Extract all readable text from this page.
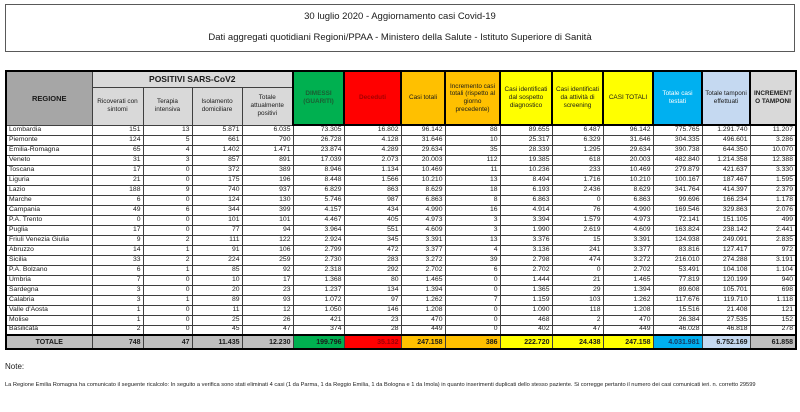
30 luglio 2020 - Aggiornamento casi Covid-19
Dati aggregati quotidiani Regioni/PPAA - Ministero della Salute - Istituto Superiore di Sanità
REGIONE	POSITIVI SARS-CoV2				DIMESSI (GUARITI)	Deceduti	Casi totali	Incremento casi totali (rispetto al giorno precedente)	Casi identificati dal sospetto diagnostico	Casi identificati da attività di screening	CASI TOTALI	Totale casi testati	Totale tamponi effettuati	INCREMENTO TAMPONI
	Ricoverati con sintomi	Terapia intensiva	Isolamento domiciliare	Totale attualmente positivi										
Lombardia	151	13	5.871	6.035	73.305	16.802	96.142	88	89.655	6.487	96.142	775.765	1.291.740	11.207
Piemonte	124	5	661	790	26.728	4.128	31.646	10	25.317	6.329	31.646	304.335	496.601	3.286
Emilia-Romagna	65	4	1.402	1.471	23.874	4.289	29.634	35	28.339	1.295	29.634	390.738	644.350	10.070
Veneto	31	3	857	891	17.039	2.073	20.003	112	19.385	618	20.003	482.840	1.214.358	12.388
Toscana	17	0	372	389	8.946	1.134	10.469	11	10.236	233	10.469	279.879	421.637	3.330
Liguria	21	0	175	196	8.448	1.566	10.210	13	8.494	1.716	10.210	100.167	187.467	1.595
Lazio	188	9	740	937	6.829	863	8.629	18	6.193	2.436	8.629	341.764	414.397	2.379
Marche	6	0	124	130	5.746	987	6.863	8	6.863	0	6.863	99.696	166.234	1.178
Campania	49	6	344	399	4.157	434	4.990	16	4.914	76	4.990	169.546	329.863	2.076
P.A. Trento	0	0	101	101	4.467	405	4.973	3	3.394	1.579	4.973	72.141	151.105	499
Puglia	17	0	77	94	3.964	551	4.609	3	1.990	2.619	4.609	163.824	238.142	2.441
Friuli Venezia Giulia	9	2	111	122	2.924	345	3.391	13	3.376	15	3.391	124.938	249.091	2.835
Abruzzo	14	1	91	106	2.799	472	3.377	4	3.136	241	3.377	83.816	127.417	972
Sicilia	33	2	224	259	2.730	283	3.272	39	2.798	474	3.272	216.010	274.288	3.191
P.A. Bolzano	6	1	85	92	2.318	292	2.702	6	2.702	0	2.702	53.491	104.108	1.104
Umbria	7	0	10	17	1.368	80	1.465	0	1.444	21	1.465	77.819	120.199	940
Sardegna	3	0	20	23	1.237	134	1.394	0	1.365	29	1.394	89.608	105.701	698
Calabria	3	1	89	93	1.072	97	1.262	7	1.159	103	1.262	117.676	119.710	1.118
Valle d'Aosta	1	0	11	12	1.050	146	1.208	0	1.090	118	1.208	15.516	21.408	121
Molise	1	0	25	26	421	23	470	0	468	2	470	26.384	27.535	152
Basilicata	2	0	45	47	374	28	449	0	402	47	449	46.028	46.818	278
TOTALE	748	47	11.435	12.230	199.796	35.132	247.158	386	222.720	24.438	247.158	4.031.981	6.752.169	61.858
Note:
La Regione Emilia Romagna ha comunicato il seguente ricalcolo: In seguito a verifica sono stati eliminati 4 casi (1 da Parma, 1 da Reggio Emilia, 1 da Bologna e 1 da Imola) in quanto inserimenti duplicati dello stesso paziente. Si corregge pertanto il numero dei casi comunicati ieri. n. corretto 29599
